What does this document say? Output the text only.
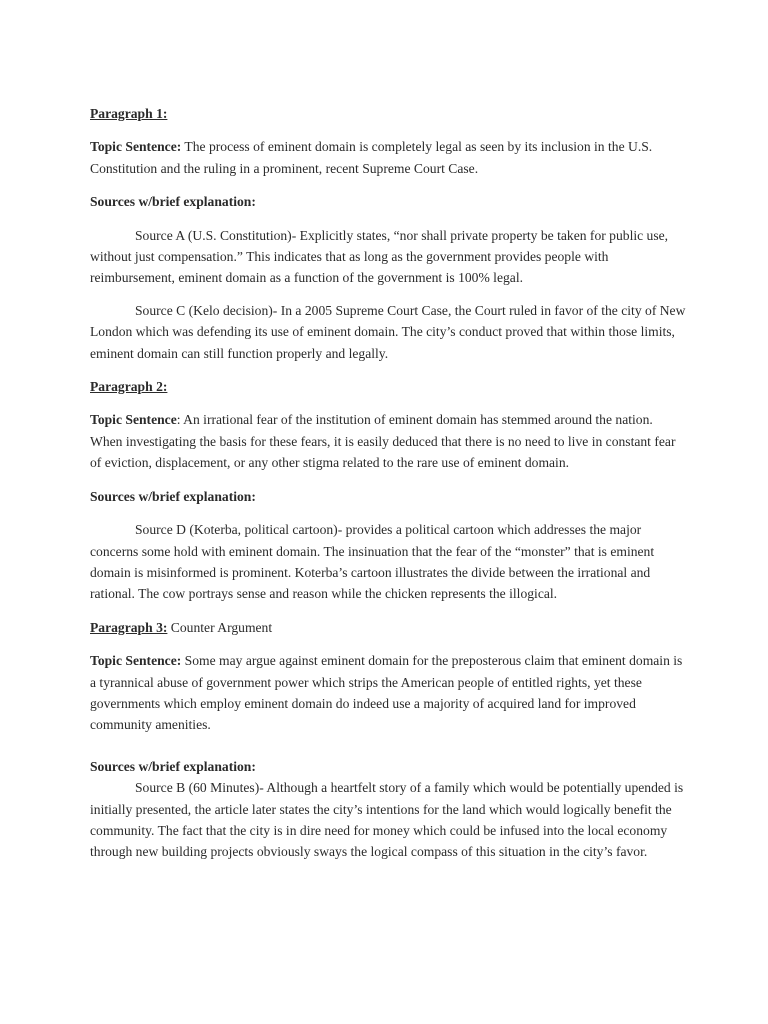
Paragraph 1:

Topic Sentence: The process of eminent domain is completely legal as seen by its inclusion in the U.S. Constitution and the ruling in a prominent, recent Supreme Court Case.

Sources w/brief explanation:

Source A (U.S. Constitution)- Explicitly states, “nor shall private property be taken for public use, without just compensation.” This indicates that as long as the government provides people with reimbursement, eminent domain as a function of the government is 100% legal.

Source C (Kelo decision)- In a 2005 Supreme Court Case, the Court ruled in favor of the city of New London which was defending its use of eminent domain. The city’s conduct proved that within those limits, eminent domain can still function properly and legally.

Paragraph 2:

Topic Sentence: An irrational fear of the institution of eminent domain has stemmed around the nation. When investigating the basis for these fears, it is easily deduced that there is no need to live in constant fear of eviction, displacement, or any other stigma related to the rare use of eminent domain.

Sources w/brief explanation:

Source D (Koterba, political cartoon)- provides a political cartoon which addresses the major concerns some hold with eminent domain. The insinuation that the fear of the “monster” that is eminent domain is misinformed is prominent. Koterba’s cartoon illustrates the divide between the irrational and rational. The cow portrays sense and reason while the chicken represents the illogical.

Paragraph 3: Counter Argument

Topic Sentence: Some may argue against eminent domain for the preposterous claim that eminent domain is a tyrannical abuse of government power which strips the American people of entitled rights, yet these governments which employ eminent domain do indeed use a majority of acquired land for improved community amenities.

Sources w/brief explanation:

Source B (60 Minutes)- Although a heartfelt story of a family which would be potentially upended is initially presented, the article later states the city’s intentions for the land which would logically benefit the community. The fact that the city is in dire need for money which could be infused into the local economy through new building projects obviously sways the logical compass of this situation in the city’s favor.
